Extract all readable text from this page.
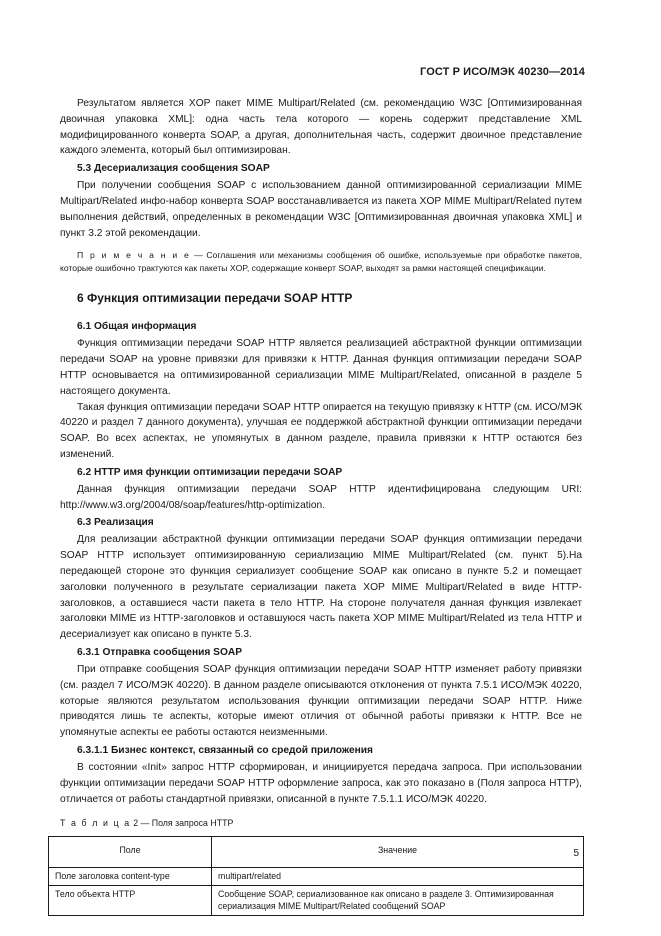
ГОСТ Р ИСО/МЭК 40230—2014

Результатом является XOP пакет MIME Multipart/Related (см. рекомендацию W3C [Оптимизированная двоичная упаковка XML]: одна часть тела которого — корень содержит представление XML модифицированного конверта SOAP, а другая, дополнительная часть, содержит двоичное представление каждого элемента, который был оптимизирован.

5.3 Десериализация сообщения SOAP

При получении сообщения SOAP с использованием данной оптимизированной сериализации MIME Multipart/Related инфо-набор конверта SOAP восстанавливается из пакета XOP MIME Multipart/Related путем выполнения действий, определенных в рекомендации W3C [Оптимизированная двоичная упаковка XML] и пункт 3.2 этой рекомендации.

П р и м е ч а н и е — Соглашения или механизмы сообщения об ошибке, используемые при обработке пакетов, которые ошибочно трактуются как пакеты XOP, содержащие конверт SOAP, выходят за рамки настоящей спецификации.

6 Функция оптимизации передачи SOAP HTTP
6.1 Общая информация

Функция оптимизации передачи SOAP HTTP является реализацией абстрактной функции оптимизации передачи SOAP на уровне привязки для привязки к HTTP. Данная функция оптимизации передачи SOAP HTTP основывается на оптимизированной сериализации MIME Multipart/Related, описанной в разделе 5 настоящего документа.

Такая функция оптимизации передачи SOAP HTTP опирается на текущую привязку к HTTP (см. ИСО/МЭК 40220 и раздел 7 данного документа), улучшая ее поддержкой абстрактной функции оптимизации передачи SOAP. Во всех аспектах, не упомянутых в данном разделе, правила привязки к HTTP остаются без изменений.

6.2 HTTP имя функции оптимизации передачи SOAP

Данная функция оптимизации передачи SOAP HTTP идентифицирована следующим URI: http://www.w3.org/2004/08/soap/features/http-optimization.

6.3 Реализация

Для реализации абстрактной функции оптимизации передачи SOAP функция оптимизации передачи SOAP HTTP использует оптимизированную сериализацию MIME Multipart/Related (см. пункт 5).На передающей стороне это функция сериализует сообщение SOAP как описано в пункте 5.2 и помещает заголовки полученного в результате сериализации пакета XOP MIME Multipart/Related в виде HTTP-заголовков, а оставшиеся части пакета в тело HTTP. На стороне получателя данная функция извлекает заголовки MIME из HTTP-заголовков и оставшуюся часть пакета XOP MIME Multipart/Related из тела HTTP и десериализует как описано в пункте 5.3.

6.3.1 Отправка сообщения SOAP

При отправке сообщения SOAP функция оптимизации передачи SOAP HTTP изменяет работу привязки (см. раздел 7 ИСО/МЭК 40220). В данном разделе описываются отклонения от пункта 7.5.1 ИСО/МЭК 40220, которые являются результатом использования функции оптимизации передачи SOAP HTTP. Ниже приводятся лишь те аспекты, которые имеют отличия от обычной работы привязки к HTTP. Все не упомянутые аспекты ее работы остаются неизменными.

6.3.1.1 Бизнес контекст, связанный со средой приложения

В состоянии «Init» запрос HTTP сформирован, и инициируется передача запроса. При использовании функции оптимизации передачи SOAP HTTP оформление запроса, как это показано в (Поля запроса HTTP), отличается от работы стандартной привязки, описанной в пункте 7.5.1.1 ИСО/МЭК 40220.

Т а б л и ц а 2 — Поля запроса HTTP
Поле	Значение
Поле заголовка content-type	multipart/related
Тело объекта HTTP	Сообщение SOAP, сериализованное как описано в разделе 3. Оптимизированная сериализация MIME Multipart/Related сообщений SOAP
5
